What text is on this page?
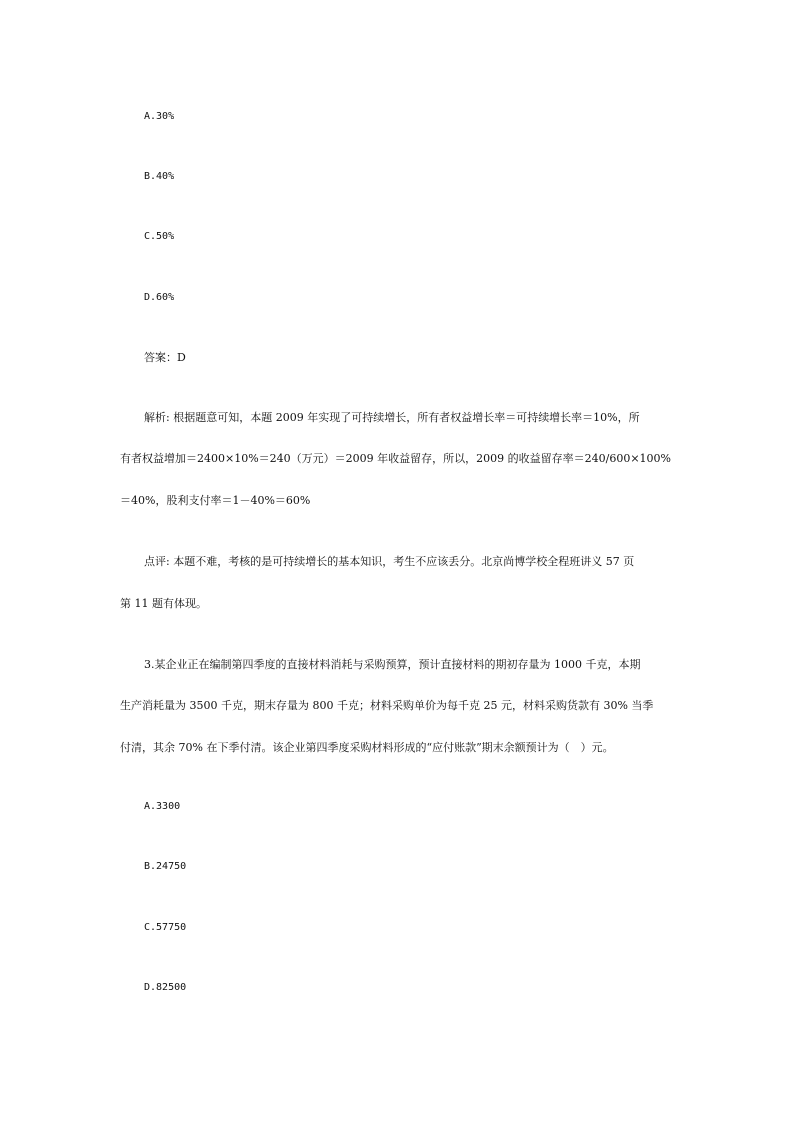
A.30%
B.40%
C.50%
D.60%
答案：D
解析: 根据题意可知，本题 2009 年实现了可持续增长，所有者权益增长率＝可持续增长率＝10%，所
有者权益增加＝2400×10%＝240（万元）＝2009 年收益留存，所以，2009 的收益留存率＝240/600×100%
＝40%，股利支付率＝1－40%＝60%
点评: 本题不难，考核的是可持续增长的基本知识，考生不应该丢分。北京尚博学校全程班讲义 57 页
第 11 题有体现。
3.某企业正在编制第四季度的直接材料消耗与采购预算，预计直接材料的期初存量为 1000 千克，本期
生产消耗量为 3500 千克，期末存量为 800 千克；材料采购单价为每千克 25 元，材料采购货款有 30% 当季
付清，其余 70% 在下季付清。该企业第四季度采购材料形成的“应付账款”期末余额预计为（　）元。
A.3300
B.24750
C.57750
D.82500
